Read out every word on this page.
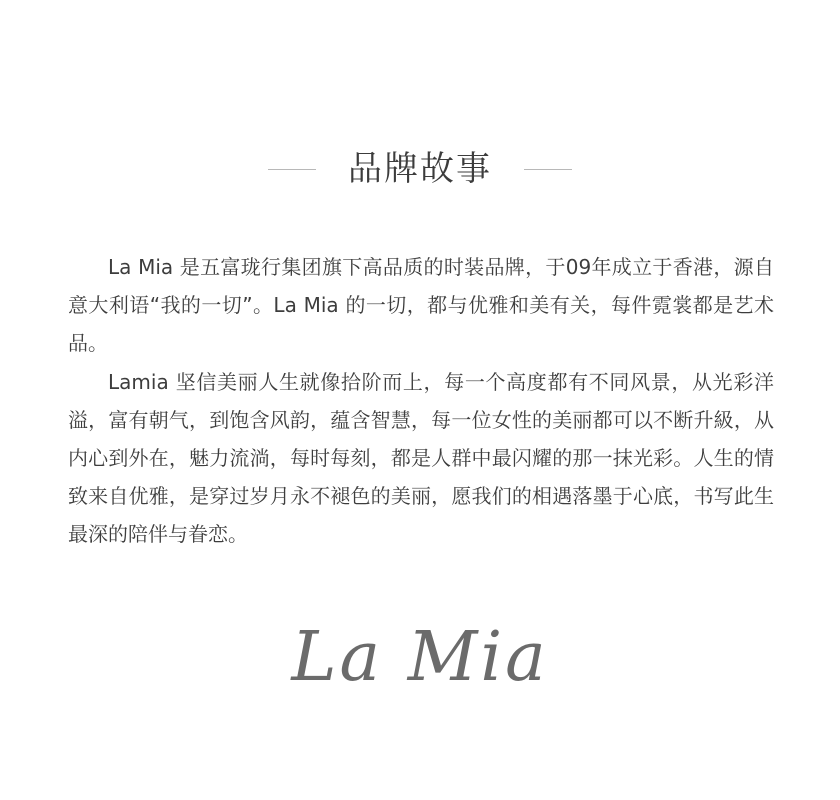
品牌故事

La Mia 是五富珑行集团旗下高品质的时装品牌，于09年成立于香港，源自意大利语“我的一切”。La Mia 的一切，都与优雅和美有关，每件霓裳都是艺术品。

Lamia 坚信美丽人生就像拾阶而上，每一个高度都有不同风景，从光彩洋溢，富有朝气，到饱含风韵，蕴含智慧，每一位女性的美丽都可以不断升級，从内心到外在，魅力流淌，每时每刻，都是人群中最闪耀的那一抹光彩。人生的情致来自优雅，是穿过岁月永不褪色的美丽，愿我们的相遇落墨于心底，书写此生最深的陪伴与眷恋。

La Mia
